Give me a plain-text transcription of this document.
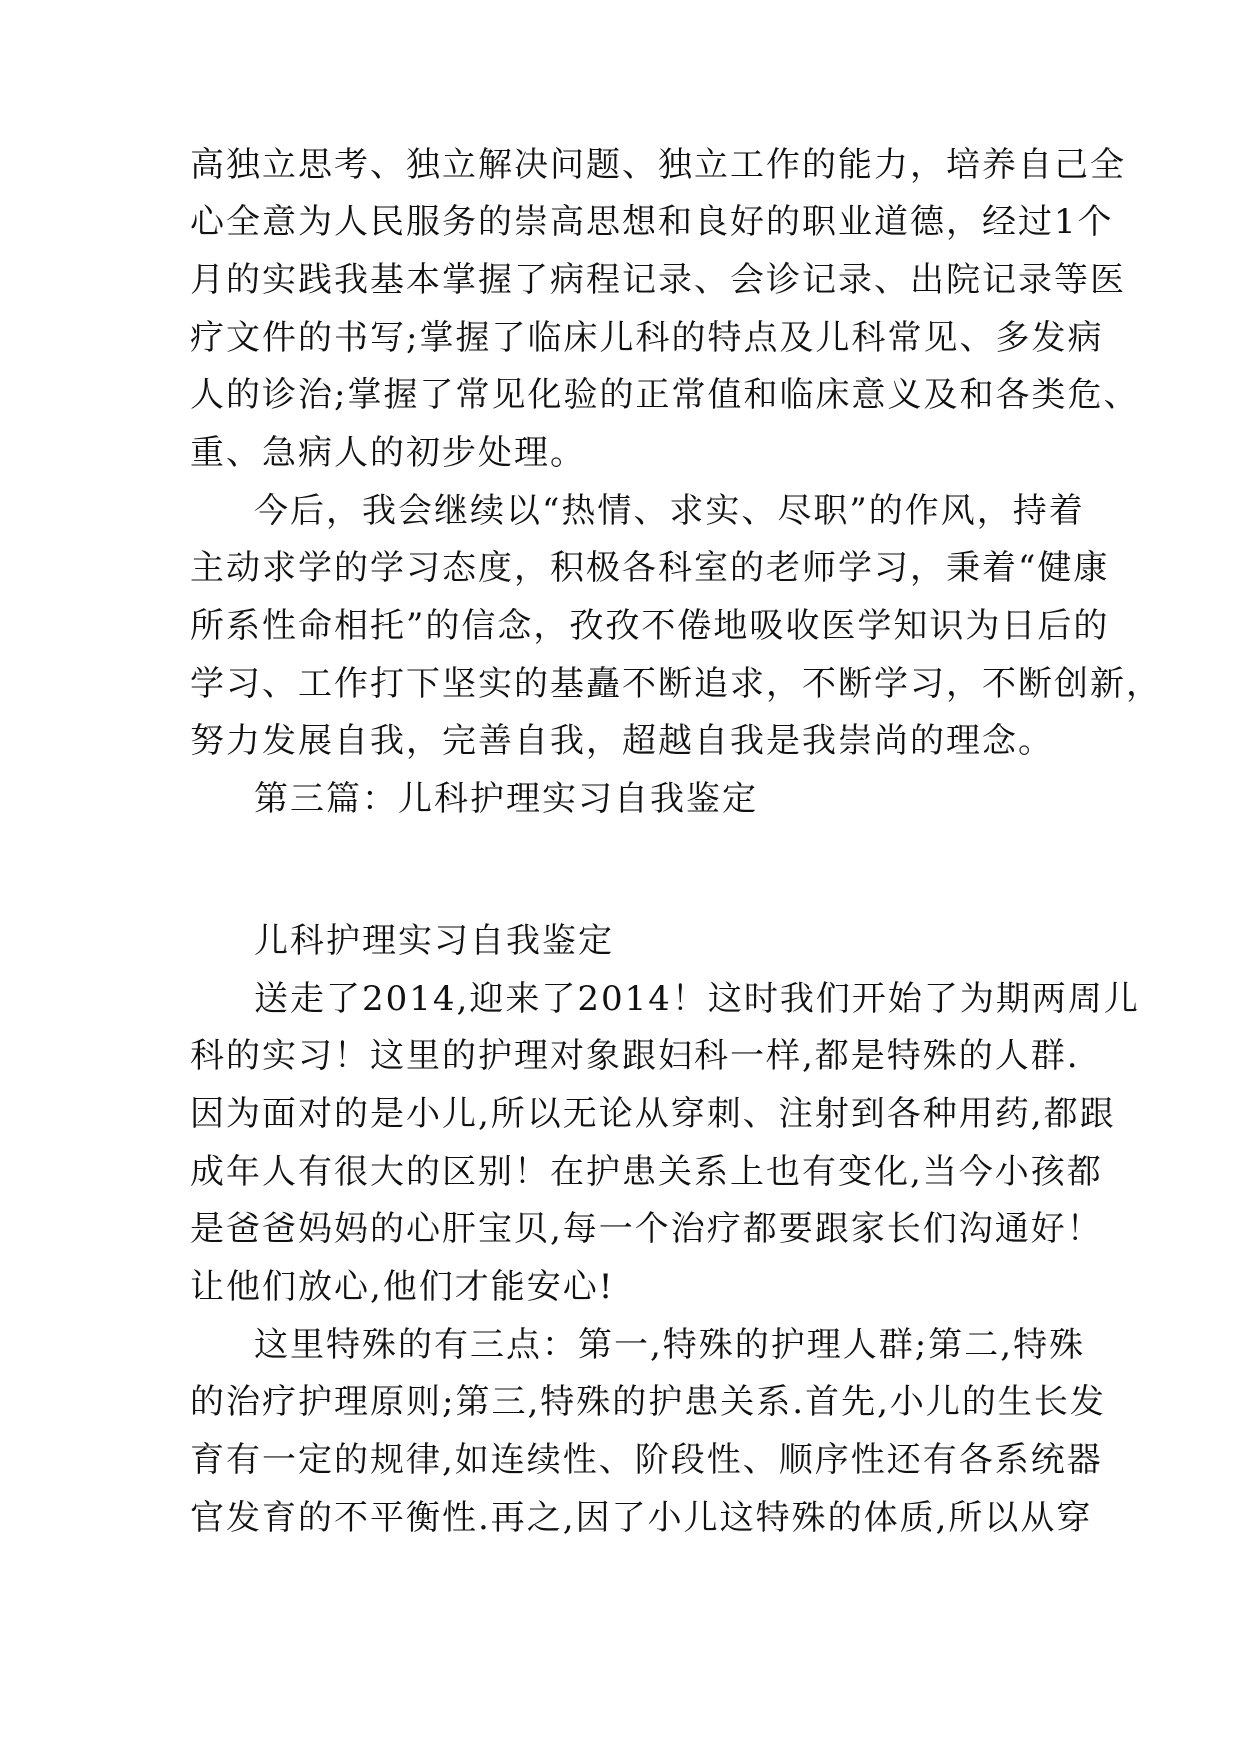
高独立思考、独立解决问题、独立工作的能力，培养自己全
心全意为人民服务的崇高思想和良好的职业道德，经过1个
月的实践我基本掌握了病程记录、会诊记录、出院记录等医
疗文件的书写;掌握了临床儿科的特点及儿科常见、多发病
人的诊治;掌握了常见化验的正常值和临床意义及和各类危、
重、急病人的初步处理。
今后，我会继续以“热情、求实、尽职”的作风，持着
主动求学的学习态度，积极各科室的老师学习，秉着“健康
所系性命相托”的信念，孜孜不倦地吸收医学知识为日后的
学习、工作打下坚实的基矗不断追求，不断学习，不断创新，
努力发展自我，完善自我，超越自我是我崇尚的理念。
第三篇：儿科护理实习自我鉴定
儿科护理实习自我鉴定
送走了2014,迎来了2014！这时我们开始了为期两周儿
科的实习！这里的护理对象跟妇科一样,都是特殊的人群.
因为面对的是小儿,所以无论从穿刺、注射到各种用药,都跟
成年人有很大的区别！在护患关系上也有变化,当今小孩都
是爸爸妈妈的心肝宝贝,每一个治疗都要跟家长们沟通好！
让他们放心,他们才能安心!
这里特殊的有三点：第一,特殊的护理人群;第二,特殊
的治疗护理原则;第三,特殊的护患关系.首先,小儿的生长发
育有一定的规律,如连续性、阶段性、顺序性还有各系统器
官发育的不平衡性.再之,因了小儿这特殊的体质,所以从穿
